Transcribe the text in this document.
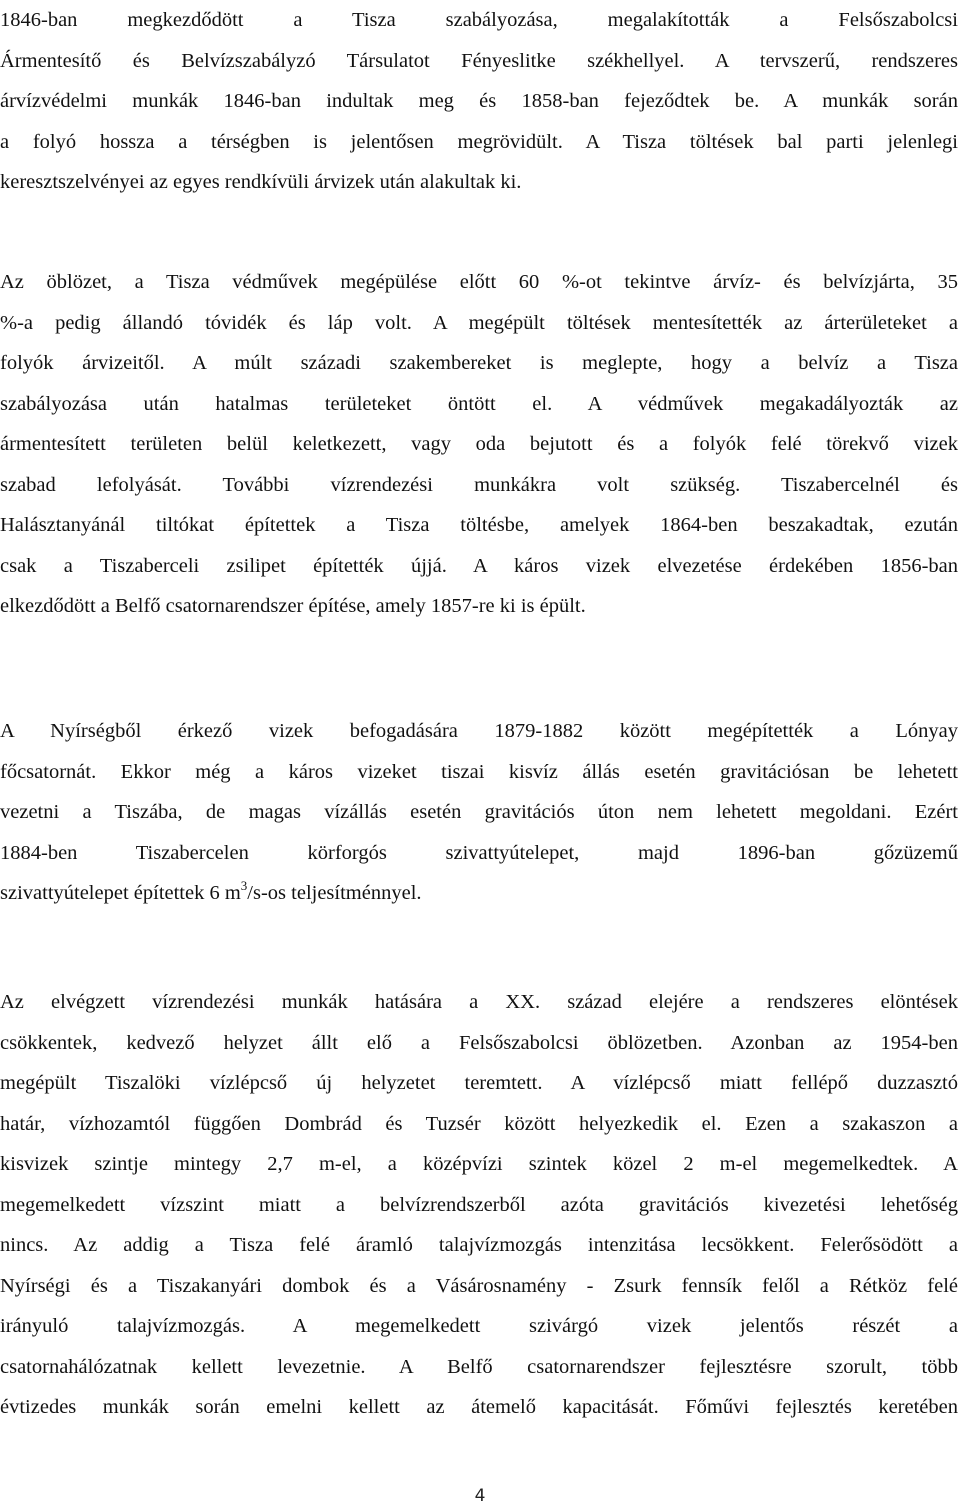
1846-ban megkezdődött a Tisza szabályozása, megalakították a Felsőszabolcsi
Ármentesítő és Belvízszabályzó Társulatot Fényeslitke székhellyel. A tervszerű, rendszeres
árvízvédelmi munkák 1846-ban indultak meg és 1858-ban fejeződtek be. A munkák során
a folyó hossza a térségben is jelentősen megrövidült. A Tisza töltések bal parti jelenlegi
keresztszelvényei az egyes rendkívüli árvizek után alakultak ki.
Az öblözet, a Tisza védművek megépülése előtt 60 %-ot tekintve árvíz- és belvízjárta, 35
%-a pedig állandó tóvidék és láp volt. A megépült töltések mentesítették az árterületeket a
folyók árvizeitől. A múlt századi szakembereket is meglepte, hogy a belvíz a Tisza
szabályozása után hatalmas területeket öntött el. A védművek megakadályozták az
ármentesített területen belül keletkezett, vagy oda bejutott és a folyók felé törekvő vizek
szabad lefolyását. További vízrendezési munkákra volt szükség. Tiszabercelnél és
Halásztanyánál tiltókat építettek a Tisza töltésbe, amelyek 1864-ben beszakadtak, ezután
csak a Tiszaberceli zsilipet építették újjá. A káros vizek elvezetése érdekében 1856-ban
elkezdődött a Belfő csatornarendszer építése, amely 1857-re ki is épült.
A Nyírségből érkező vizek befogadására 1879-1882 között megépítették a Lónyay
főcsatornát. Ekkor még a káros vizeket tiszai kisvíz állás esetén gravitációsan be lehetett
vezetni a Tiszába, de magas vízállás esetén gravitációs úton nem lehetett megoldani. Ezért
1884-ben Tiszabercelen körforgós szivattyútelepet, majd 1896-ban gőzüzemű
szivattyútelepet építettek 6 $m^3/s-os$ teljesítménnyel.
Az elvégzett vízrendezési munkák hatására a XX. század elejére a rendszeres elöntések
csökkentek, kedvező helyzet állt elő a Felsőszabolcsi öblözetben. Azonban az 1954-ben
megépült Tiszalöki vízlépcső új helyzetet teremtett. A vízlépcső miatt fellépő duzzasztó
határ, vízhozamtól függően Dombrád és Tuzsér között helyezkedik el. Ezen a szakaszon a
kisvizek szintje mintegy 2,7 m-el, a középvízi szintek közel 2 m-el megemelkedtek. A
megemelkedett vízszint miatt a belvízrendszerből azóta gravitációs kivezetési lehetőség
nincs. Az addig a Tisza felé áramló talajvízmozgás intenzitása lecsökkent. Felerősödött a
Nyírségi és a Tiszakanyári dombok és a Vásárosnamény - Zsurk fennsík felől a Rétköz felé
irányuló talajvízmozgás. A megemelkedett szivárgó vizek jelentős részét a
csatornahálózatnak kellett levezetnie. A Belfő csatornarendszer fejlesztésre szorult, több
évtizedes munkák során emelni kellett az átemelő kapacitását. Főművi fejlesztés keretében
4
